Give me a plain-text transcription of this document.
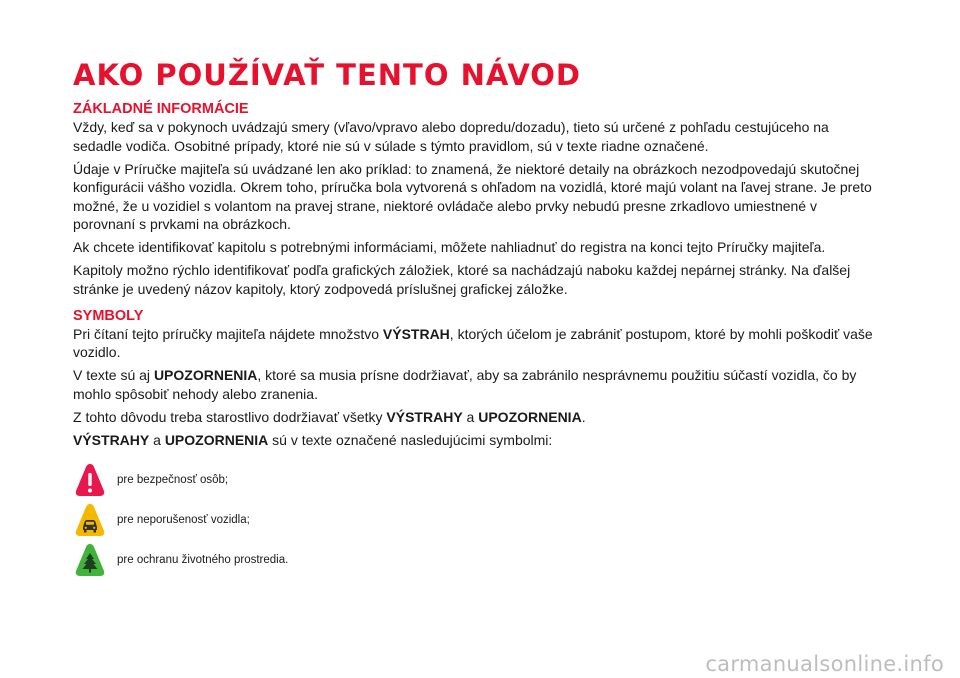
AKO POUŽÍVAŤ TENTO NÁVOD
ZÁKLADNÉ INFORMÁCIE

Vždy, keď sa v pokynoch uvádzajú smery (vľavo/vpravo alebo dopredu/dozadu), tieto sú určené z pohľadu cestujúceho na sedadle vodiča. Osobitné prípady, ktoré nie sú v súlade s týmto pravidlom, sú v texte riadne označené.

Údaje v Príručke majiteľa sú uvádzané len ako príklad: to znamená, že niektoré detaily na obrázkoch nezodpovedajú skutočnej konfigurácii vášho vozidla. Okrem toho, príručka bola vytvorená s ohľadom na vozidlá, ktoré majú volant na ľavej strane. Je preto možné, že u vozidiel s volantom na pravej strane, niektoré ovládače alebo prvky nebudú presne zrkadlovo umiestnené v porovnaní s prvkami na obrázkoch.

Ak chcete identifikovať kapitolu s potrebnými informáciami, môžete nahliadnuť do registra na konci tejto Príručky majiteľa.

Kapitoly možno rýchlo identifikovať podľa grafických záložiek, ktoré sa nachádzajú naboku každej nepárnej stránky. Na ďalšej stránke je uvedený názov kapitoly, ktorý zodpovedá príslušnej grafickej záložke.

SYMBOLY

Pri čítaní tejto príručky majiteľa nájdete množstvo VÝSTRAH, ktorých účelom je zabrániť postupom, ktoré by mohli poškodiť vaše vozidlo.

V texte sú aj UPOZORNENIA, ktoré sa musia prísne dodržiavať, aby sa zabránilo nesprávnemu použitiu súčastí vozidla, čo by mohlo spôsobiť nehody alebo zranenia.

Z tohto dôvodu treba starostlivo dodržiavať všetky VÝSTRAHY a UPOZORNENIA.

VÝSTRAHY a UPOZORNENIA sú v texte označené nasledujúcimi symbolmi:

pre bezpečnosť osôb;
pre neporušenosť vozidla;
pre ochranu životného prostredia.
carmanualsonline.info
